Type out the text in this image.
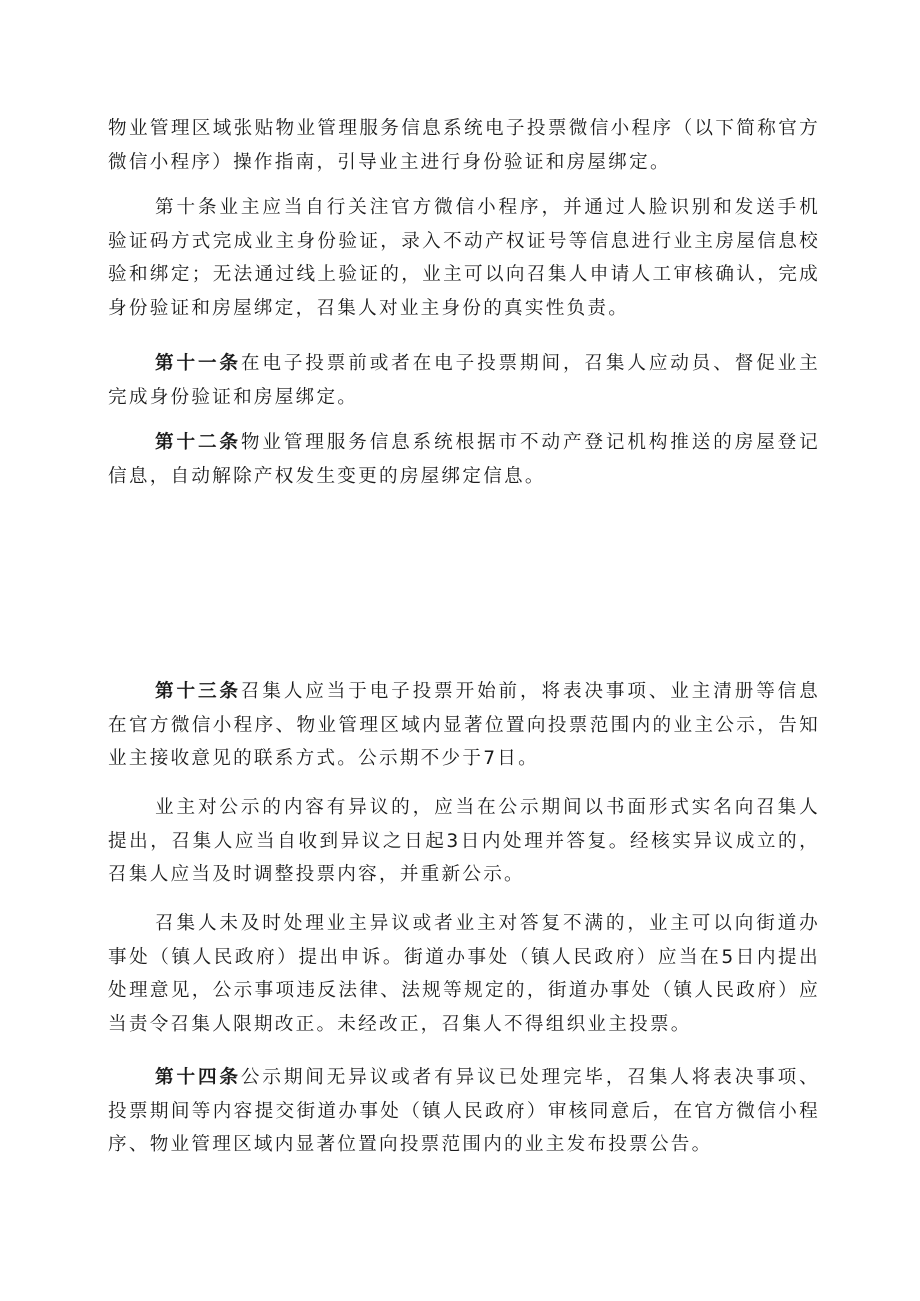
物业管理区域张贴物业管理服务信息系统电子投票微信小程序（以下简称官方微信小程序）操作指南，引导业主进行身份验证和房屋绑定。

第十条业主应当自行关注官方微信小程序，并通过人脸识别和发送手机验证码方式完成业主身份验证，录入不动产权证号等信息进行业主房屋信息校验和绑定；无法通过线上验证的，业主可以向召集人申请人工审核确认，完成身份验证和房屋绑定，召集人对业主身份的真实性负责。

第十一条在电子投票前或者在电子投票期间，召集人应动员、督促业主完成身份验证和房屋绑定。

第十二条物业管理服务信息系统根据市不动产登记机构推送的房屋登记信息，自动解除产权发生变更的房屋绑定信息。

第十三条召集人应当于电子投票开始前，将表决事项、业主清册等信息在官方微信小程序、物业管理区域内显著位置向投票范围内的业主公示，告知业主接收意见的联系方式。公示期不少于7日。

业主对公示的内容有异议的，应当在公示期间以书面形式实名向召集人提出，召集人应当自收到异议之日起3日内处理并答复。经核实异议成立的，召集人应当及时调整投票内容，并重新公示。

召集人未及时处理业主异议或者业主对答复不满的，业主可以向街道办事处（镇人民政府）提出申诉。街道办事处（镇人民政府）应当在5日内提出处理意见，公示事项违反法律、法规等规定的，街道办事处（镇人民政府）应当责令召集人限期改正。未经改正，召集人不得组织业主投票。

第十四条公示期间无异议或者有异议已处理完毕，召集人将表决事项、投票期间等内容提交街道办事处（镇人民政府）审核同意后，在官方微信小程序、物业管理区域内显著位置向投票范围内的业主发布投票公告。
